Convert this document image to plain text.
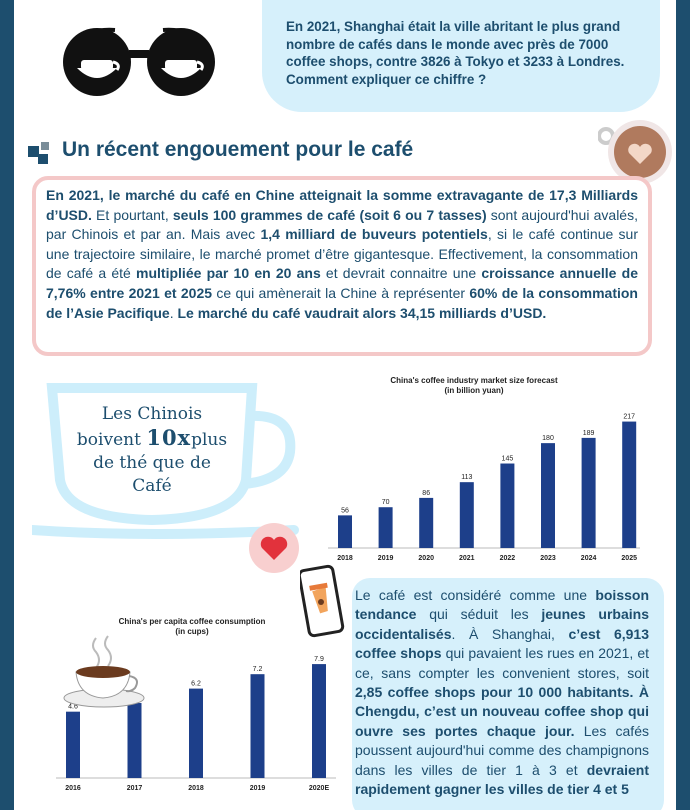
En 2021, Shanghai était la ville abritant le plus grand nombre de cafés dans le monde avec près de 7000 coffee shops, contre 3826 à Tokyo et 3233 à Londres. Comment expliquer ce chiffre ?
Un récent engouement pour le café
En 2021, le marché du café en Chine atteignait la somme extravagante de 17,3 Milliards d’USD. Et pourtant, seuls 100 grammes de café (soit 6 ou 7 tasses) sont aujourd'hui avalés, par Chinois et par an. Mais avec 1,4 milliard de buveurs potentiels, si le café continue sur une trajectoire similaire, le marché promet d’être gigantesque. Effectivement, la consommation de café a été multipliée par 10 en 20 ans et devrait connaitre une croissance annuelle de 7,76% entre 2021 et 2025 ce qui amènerait la Chine à représenter 60% de la consommation de l’Asie Pacifique. Le marché du café vaudrait alors 34,15 milliards d’USD.
Les Chinois
boivent 10xplus
de thé que de
Café
China's coffee industry market size forecast
(in billion yuan)
56
2018
70
2019
86
2020
113
2021
145
2022
180
2023
189
2024
217
2025
China's per capita coffee consumption
(in cups)
4.6
2016	2017
6.2
2018
7.2
2019
7.9
2020E
Le café est considéré comme une boisson tendance qui séduit les jeunes urbains occidentalisés. À Shanghai, c’est 6,913 coffee shops qui pavaient les rues en 2021, et ce, sans compter les convenient stores, soit 2,85 coffee shops pour 10 000 habitants. À Chengdu, c’est un nouveau coffee shop qui ouvre ses portes chaque jour. Les cafés poussent aujourd'hui comme des champignons dans les villes de tier 1 à 3 et devraient rapidement gagner les villes de tier 4 et 5
